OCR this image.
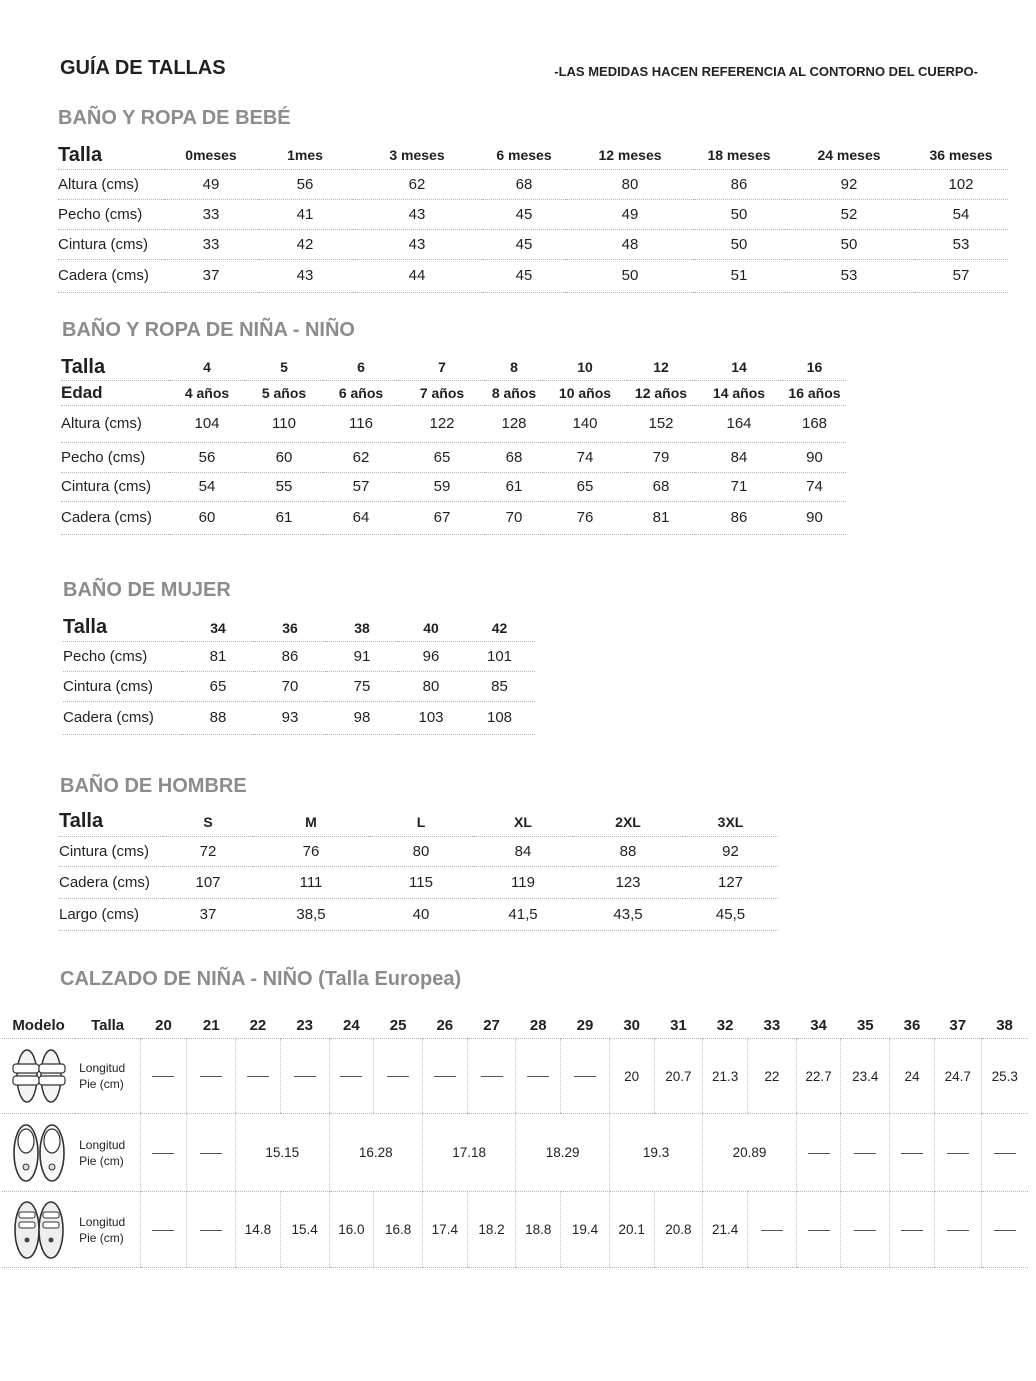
GUÍA DE TALLAS	-LAS MEDIDAS HACEN REFERENCIA AL CONTORNO DEL CUERPO-
BAÑO Y ROPA DE BEBÉ
Talla	0meses	1mes	3 meses	6 meses	12 meses	18 meses	24 meses	36 meses
Altura (cms)	49	56	62	68	80	86	92	102
Pecho (cms)	33	41	43	45	49	50	52	54
Cintura (cms)	33	42	43	45	48	50	50	53
Cadera (cms)	37	43	44	45	50	51	53	57
BAÑO Y ROPA DE NIÑA - NIÑO
Talla	4	5	6	7	8	10	12	14	16
Edad	4 años	5 años	6 años	7 años	8 años	10 años	12 años	14 años	16 años
Altura (cms)	104	110	116	122	128	140	152	164	168
Pecho (cms)	56	60	62	65	68	74	79	84	90
Cintura (cms)	54	55	57	59	61	65	68	71	74
Cadera (cms)	60	61	64	67	70	76	81	86	90
BAÑO DE MUJER
Talla	34	36	38	40	42
Pecho (cms)	81	86	91	96	101
Cintura (cms)	65	70	75	80	85
Cadera (cms)	88	93	98	103	108
BAÑO DE HOMBRE
Talla	S	M	L	XL	2XL	3XL
Cintura (cms)	72	76	80	84	88	92
Cadera (cms)	107	111	115	119	123	127
Largo (cms)	37	38,5	40	41,5	43,5	45,5
CALZADO DE NIÑA - NIÑO (Talla Europea)
Modelo	Talla	20	21	22	23	24	25	26	27	28	29	30	31	32	33	34	35	36	37	38

Longitud
Pie (cm)											20	20.7	21.3	22	22.7	23.4	24	24.7	25.3

Longitud
Pie (cm)			15.15		16.28		17.18		18.29		19.3		20.89						

Longitud
Pie (cm)			14.8	15.4	16.0	16.8	17.4	18.2	18.8	19.4	20.1	20.8	21.4						
